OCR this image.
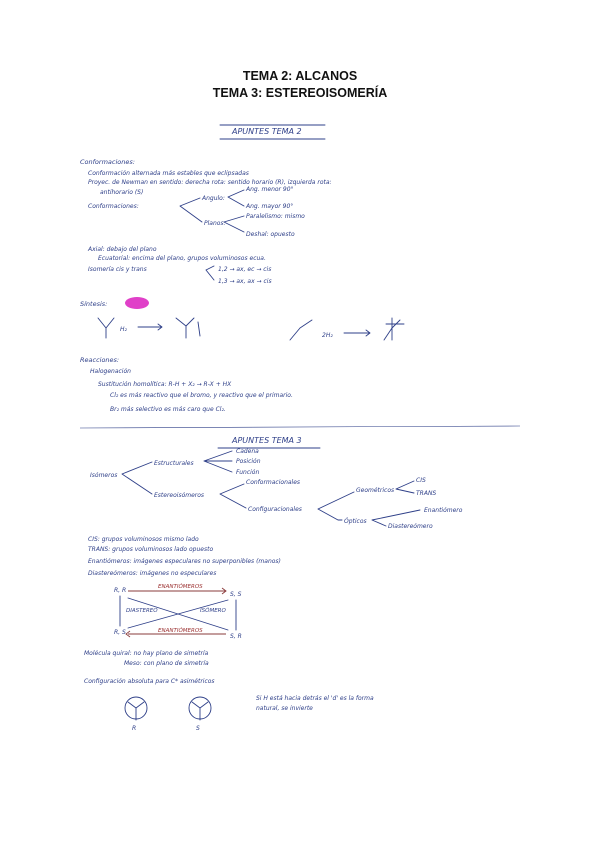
TEMA 2: ALCANOS
TEMA 3: ESTEREOISOMERÍA
APUNTES TEMA 2
Conformaciones:
Conformación alternada más estables que eclipsadas
Proyec. de Newman en sentido: derecha rota: sentido horario (R), izquierda rota:
antihorario (S)
Conformaciones:
Angulo:
Ang. menor 90°
Ang. mayor 90°
Planos:
Paralelismo: mismo
Deshal: opuesto
Axial: debajo del plano
Ecuatorial: encima del plano, grupos voluminosos ecua.
Isomería cis y trans	1,2 → ax, ec → cis
1,3 → ax, ax → cis
Síntesis:
H₂
2H₂
Reacciones:
Halogenación
Sustitución homolítica: R-H + X₂ → R-X + HX
Cl₂ es más reactivo que el bromo, y reactivo que el primario.
Br₂ más selectivo es más caro que Cl₂.
APUNTES TEMA 3
Isómeros
Estructurales
Cadena
Posición
Función
Estereoisómeros
Conformacionales
Configuracionales
Geométricos
CIS
TRANS
Ópticos
Enantiómero
Diastereómero
CIS: grupos voluminosos mismo lado
TRANS: grupos voluminosos lado opuesto
Enantiómeros: imágenes especulares no superponibles (manos)
Diastereómeros: imágenes no especulares
R, R
S, S
R, S
S, R
ENANTIÓMEROS
ENANTIÓMEROS
DIASTEREO	ISÓMERO
Molécula quiral: no hay plano de simetría
Meso: con plano de simetría
Configuración absoluta para C* asimétricos
R	S
Si H está hacia detrás el 'd' es la forma
natural, se invierte
